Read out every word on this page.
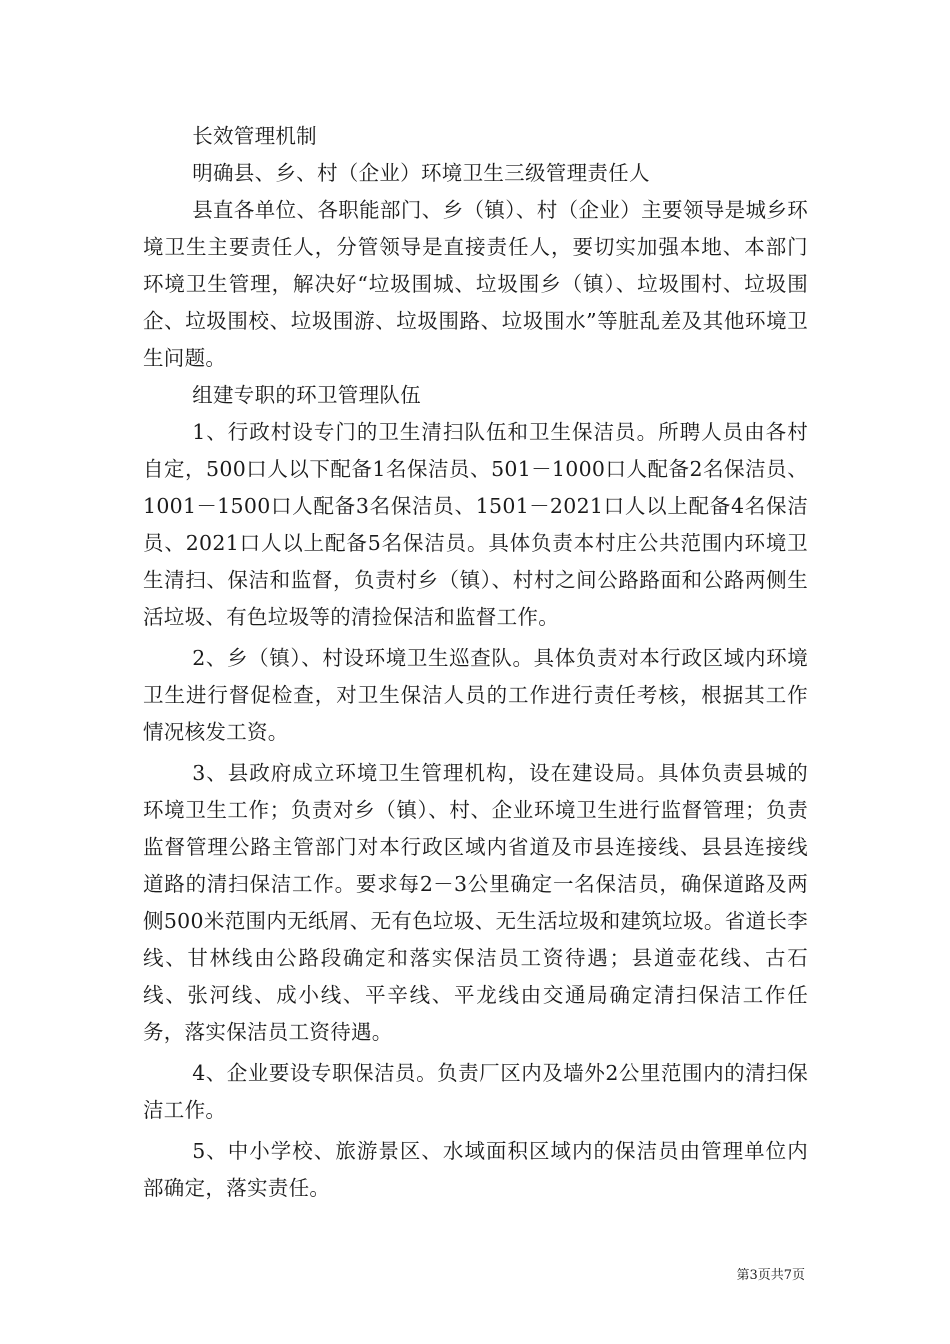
长效管理机制

明确县、乡、村（企业）环境卫生三级管理责任人

县直各单位、各职能部门、乡（镇）、村（企业）主要领导是城乡环境卫生主要责任人，分管领导是直接责任人，要切实加强本地、本部门环境卫生管理，解决好“垃圾围城、垃圾围乡（镇）、垃圾围村、垃圾围企、垃圾围校、垃圾围游、垃圾围路、垃圾围水”等脏乱差及其他环境卫生问题。

组建专职的环卫管理队伍

1、行政村设专门的卫生清扫队伍和卫生保洁员。所聘人员由各村自定，500口人以下配备1名保洁员、501－1000口人配备2名保洁员、1001－1500口人配备3名保洁员、1501－2021口人以上配备4名保洁员、2021口人以上配备5名保洁员。具体负责本村庄公共范围内环境卫生清扫、保洁和监督，负责村乡（镇）、村村之间公路路面和公路两侧生活垃圾、有色垃圾等的清捡保洁和监督工作。

2、乡（镇）、村设环境卫生巡查队。具体负责对本行政区域内环境卫生进行督促检查，对卫生保洁人员的工作进行责任考核，根据其工作情况核发工资。

3、县政府成立环境卫生管理机构，设在建设局。具体负责县城的环境卫生工作；负责对乡（镇）、村、企业环境卫生进行监督管理；负责监督管理公路主管部门对本行政区域内省道及市县连接线、县县连接线道路的清扫保洁工作。要求每2－3公里确定一名保洁员，确保道路及两侧500米范围内无纸屑、无有色垃圾、无生活垃圾和建筑垃圾。省道长李线、甘林线由公路段确定和落实保洁员工资待遇；县道壶花线、古石线、张河线、成小线、平辛线、平龙线由交通局确定清扫保洁工作任务，落实保洁员工资待遇。

4、企业要设专职保洁员。负责厂区内及墙外2公里范围内的清扫保洁工作。

5、中小学校、旅游景区、水域面积区域内的保洁员由管理单位内部确定，落实责任。

第3页共7页
